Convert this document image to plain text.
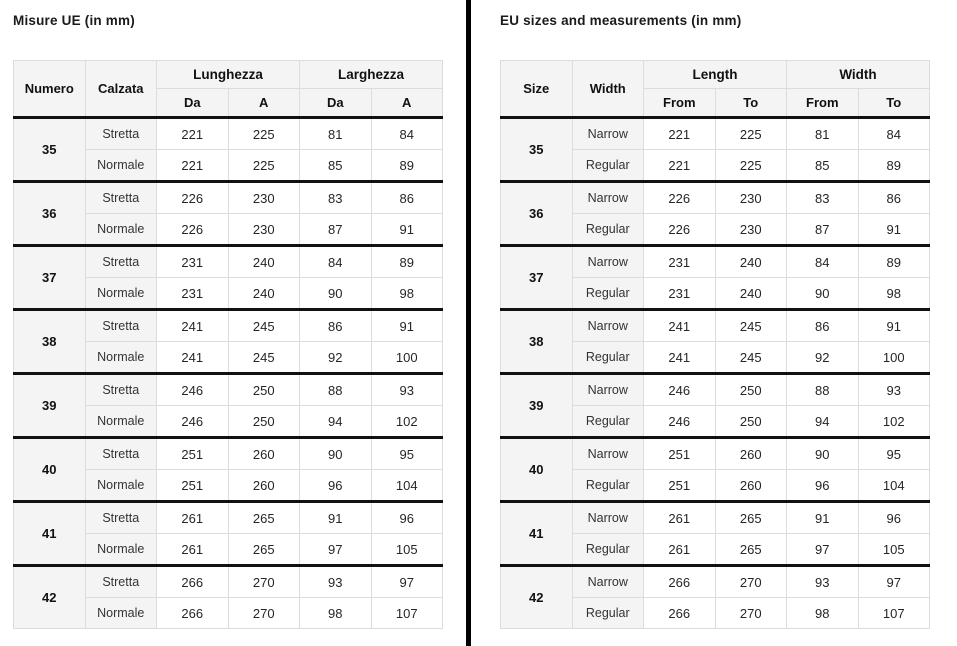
Misure UE (in mm)
Numero	Calzata	Lunghezza		Larghezza	
		Da	A	Da	A
35	Stretta	221	225	81	84
	Normale	221	225	85	89
36	Stretta	226	230	83	86
	Normale	226	230	87	91
37	Stretta	231	240	84	89
	Normale	231	240	90	98
38	Stretta	241	245	86	91
	Normale	241	245	92	100
39	Stretta	246	250	88	93
	Normale	246	250	94	102
40	Stretta	251	260	90	95
	Normale	251	260	96	104
41	Stretta	261	265	91	96
	Normale	261	265	97	105
42	Stretta	266	270	93	97
	Normale	266	270	98	107
EU sizes and measurements (in mm)
Size	Width	Length		Width	
		From	To	From	To
35	Narrow	221	225	81	84
	Regular	221	225	85	89
36	Narrow	226	230	83	86
	Regular	226	230	87	91
37	Narrow	231	240	84	89
	Regular	231	240	90	98
38	Narrow	241	245	86	91
	Regular	241	245	92	100
39	Narrow	246	250	88	93
	Regular	246	250	94	102
40	Narrow	251	260	90	95
	Regular	251	260	96	104
41	Narrow	261	265	91	96
	Regular	261	265	97	105
42	Narrow	266	270	93	97
	Regular	266	270	98	107
